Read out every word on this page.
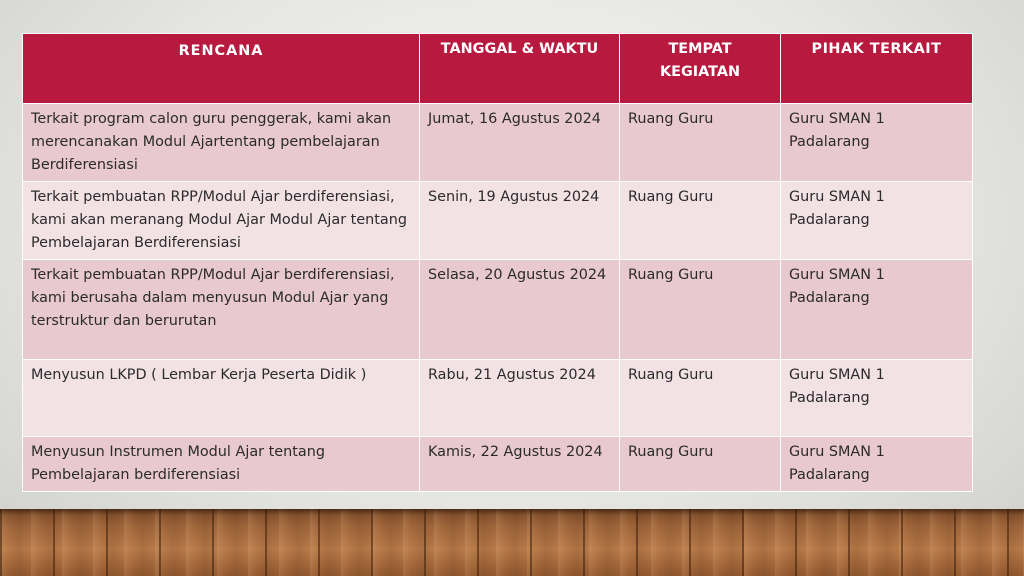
RENCANA	TANGGAL & WAKTU	TEMPAT KEGIATAN	PIHAK TERKAIT
Terkait program calon guru penggerak, kami akan merencanakan Modul Ajartentang pembelajaran Berdiferensiasi	Jumat, 16 Agustus 2024	Ruang Guru	Guru SMAN 1 Padalarang
Terkait pembuatan RPP/Modul Ajar berdiferensiasi, kami akan meranang Modul Ajar Modul Ajar tentang Pembelajaran Berdiferensiasi	Senin, 19 Agustus 2024	Ruang Guru	Guru SMAN 1 Padalarang
Terkait pembuatan RPP/Modul Ajar berdiferensiasi, kami berusaha dalam menyusun Modul Ajar yang terstruktur dan berurutan	Selasa, 20 Agustus 2024	Ruang Guru	Guru SMAN 1 Padalarang
Menyusun LKPD ( Lembar Kerja Peserta Didik )	Rabu, 21 Agustus 2024	Ruang Guru	Guru SMAN 1 Padalarang
Menyusun Instrumen Modul Ajar tentang Pembelajaran berdiferensiasi	Kamis, 22 Agustus 2024	Ruang Guru	Guru SMAN 1 Padalarang
